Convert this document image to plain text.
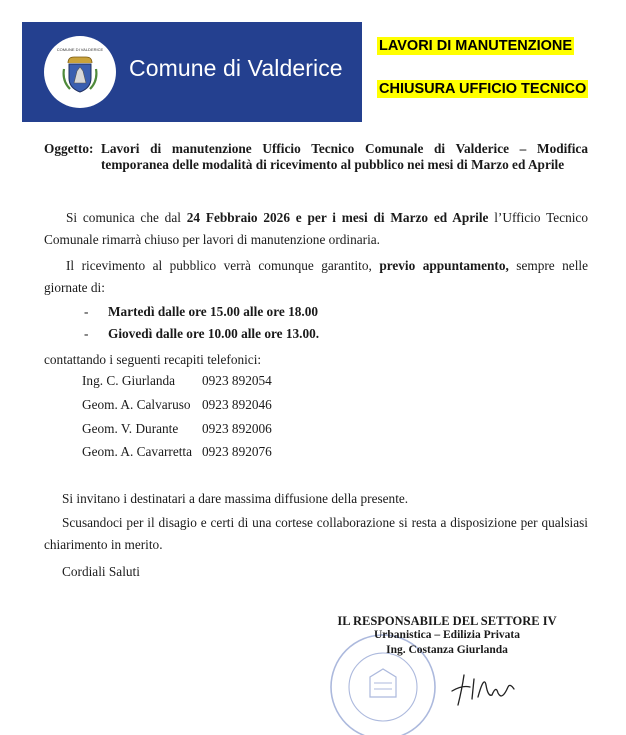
COMUNE DI VALDERICE
Comune di Valderice
LAVORI DI MANUTENZIONE
CHIUSURA UFFICIO TECNICO
Oggetto: Lavori di manutenzione Ufficio Tecnico Comunale di Valderice – Modifica temporanea delle modalità di ricevimento al pubblico nei mesi di Marzo ed Aprile
Si comunica che dal 24 Febbraio 2026 e per i mesi di Marzo ed Aprile l’Ufficio Tecnico Comunale rimarrà chiuso per lavori di manutenzione ordinaria.
Il ricevimento al pubblico verrà comunque garantito, previo appuntamento, sempre nelle giornate di:
- Martedì dalle ore 15.00 alle ore 18.00
- Giovedì dalle ore 10.00 alle ore 13.00.
contattando i seguenti recapiti telefonici:
Ing. C. Giurlanda 0923 892054
Geom. A. Calvaruso 0923 892046
Geom. V. Durante 0923 892006
Geom. A. Cavarretta 0923 892076
Si invitano i destinatari a dare massima diffusione della presente.
Scusandoci per il disagio e certi di una cortese collaborazione si resta a disposizione per qualsiasi chiarimento in merito.
Cordiali Saluti
IL RESPONSABILE DEL SETTORE IV
Urbanistica – Edilizia Privata
Ing. Costanza Giurlanda
